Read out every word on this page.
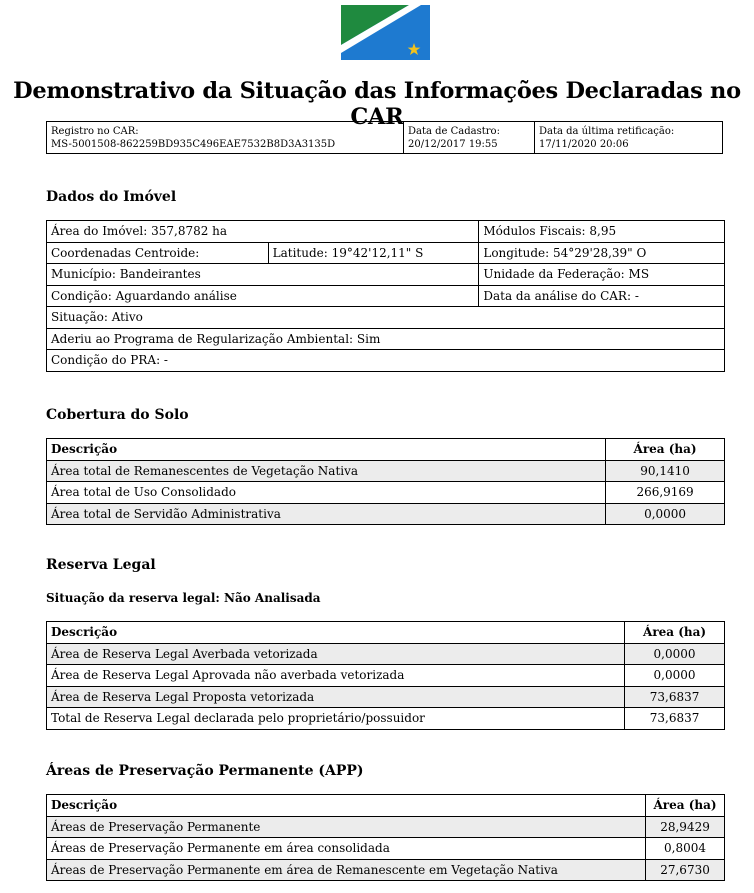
Demonstrativo da Situação das Informações Declaradas no CAR
Registro no CAR:
MS-5001508-862259BD935C496EAE7532B8D3A3135D
Data de Cadastro:
20/12/2017 19:55
Data da última retificação:
17/11/2020 20:06
Dados do Imóvel
Área do Imóvel: 357,8782 ha		Módulos Fiscais: 8,95
Coordenadas Centroide:	Latitude: 19°42'12,11" S	Longitude: 54°29'28,39" O
Município: Bandeirantes		Unidade da Federação: MS
Condição: Aguardando análise		Data da análise do CAR: -
Situação: Ativo		
Aderiu ao Programa de Regularização Ambiental: Sim		
Condição do PRA: -		
Cobertura do Solo
Descrição	Área (ha)
Área total de Remanescentes de Vegetação Nativa	90,1410
Área total de Uso Consolidado	266,9169
Área total de Servidão Administrativa	0,0000
Reserva Legal
Situação da reserva legal: Não Analisada
Descrição	Área (ha)
Área de Reserva Legal Averbada vetorizada	0,0000
Área de Reserva Legal Aprovada não averbada vetorizada	0,0000
Área de Reserva Legal Proposta vetorizada	73,6837
Total de Reserva Legal declarada pelo proprietário/possuidor	73,6837
Áreas de Preservação Permanente (APP)
Descrição	Área (ha)
Áreas de Preservação Permanente	28,9429
Áreas de Preservação Permanente em área consolidada	0,8004
Áreas de Preservação Permanente em área de Remanescente em Vegetação Nativa	27,6730
